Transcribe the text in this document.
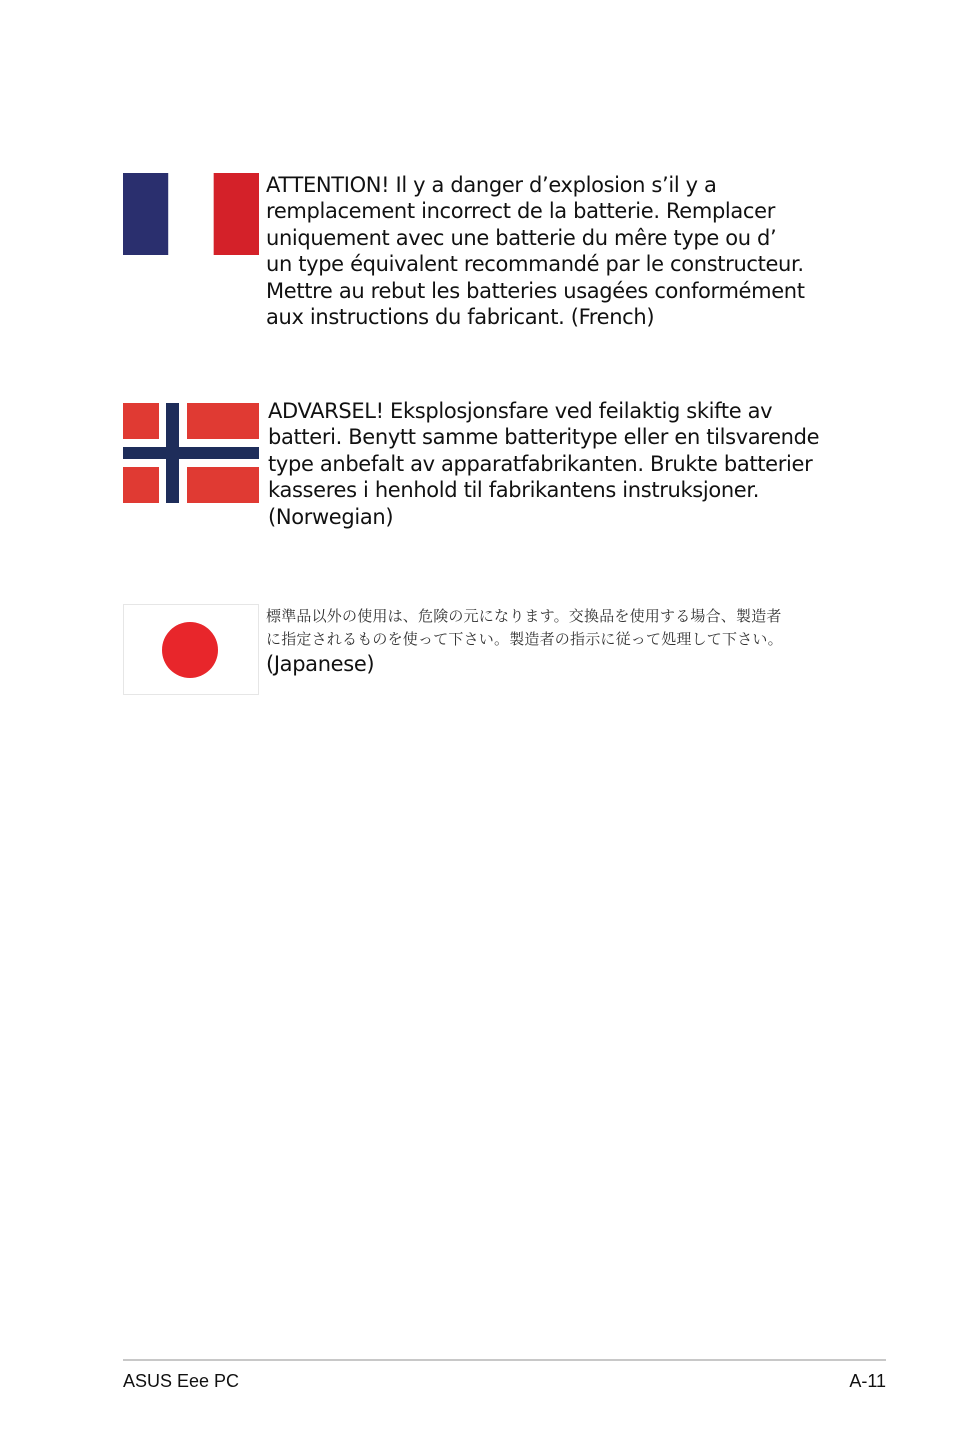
ATTENTION! Il y a danger d’explosion s’il y a
remplacement incorrect de la batterie. Remplacer
uniquement avec une batterie du mêre type ou d’
un type équivalent recommandé par le constructeur.
Mettre au rebut les batteries usagées conformément
aux instructions du fabricant. (French)
ADVARSEL! Eksplosjonsfare ved feilaktig skifte av
batteri. Benytt samme batteritype eller en tilsvarende
type anbefalt av apparatfabrikanten. Brukte batterier
kasseres i henhold til fabrikantens instruksjoner.
(Norwegian)
標準品以外の使用は、危険の元になります。交換品を使用する場合、製造者
に指定されるものを使って下さい。製造者の指示に従って処理して下さい。
(Japanese)
ASUS Eee PC	A-11
